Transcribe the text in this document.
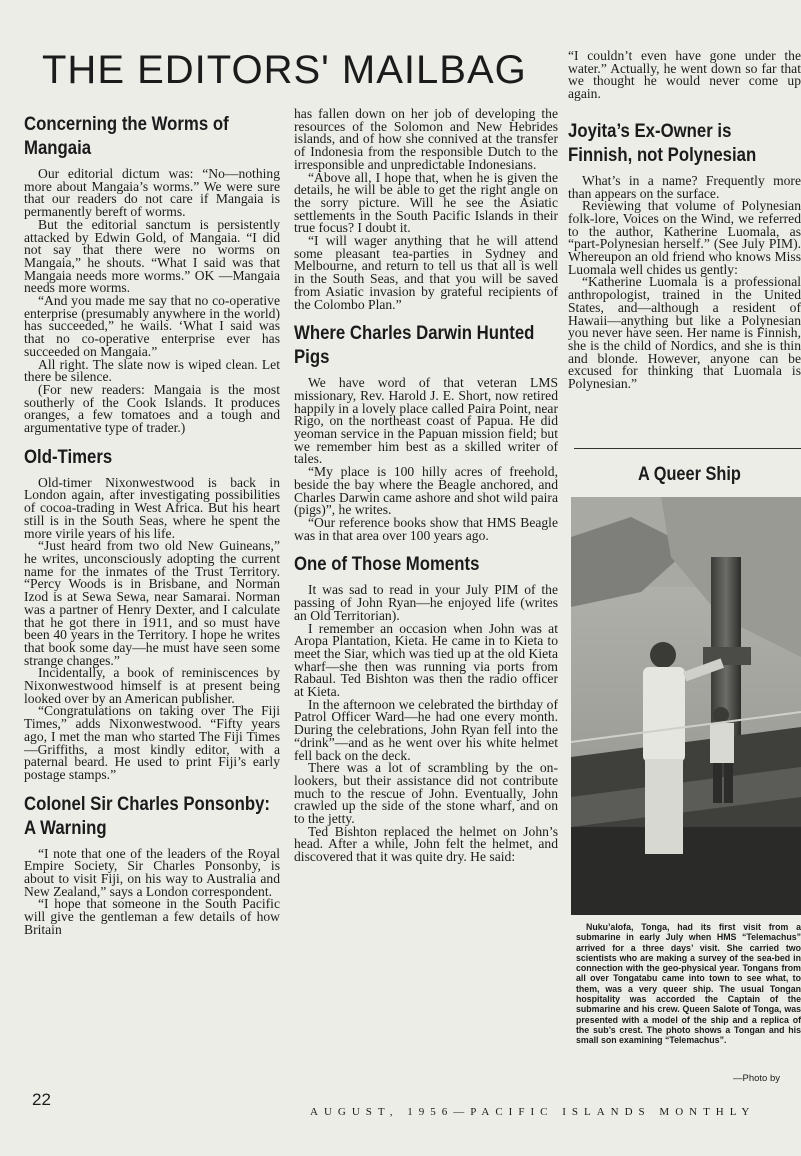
THE EDITORS' MAILBAG
Concerning the Worms of Mangaia

Our editorial dictum was: “No—nothing more about Mangaia’s worms.” We were sure that our readers do not care if Mangaia is permanently bereft of worms.

But the editorial sanctum is persistently attacked by Edwin Gold, of Mangaia. “I did not say that there were no worms on Mangaia,” he shouts. “What I said was that Mangaia needs more worms.” OK —Mangaia needs more worms.

“And you made me say that no co-operative enterprise (presumably anywhere in the world) has succeeded,” he wails. ‘What I said was that no co-operative enterprise ever has succeeded on Mangaia.”

All right. The slate now is wiped clean. Let there be silence.

(For new readers: Mangaia is the most southerly of the Cook Islands. It produces oranges, a few tomatoes and a tough and argumentative type of trader.)

Old-Timers

Old-timer Nixonwestwood is back in London again, after investigating possibilities of cocoa-trading in West Africa. But his heart still is in the South Seas, where he spent the more virile years of his life.

“Just heard from two old New Guineans,” he writes, unconsciously adopting the current name for the inmates of the Trust Territory. “Percy Woods is in Brisbane, and Norman Izod is at Sewa Sewa, near Samarai. Norman was a partner of Henry Dexter, and I calculate that he got there in 1911, and so must have been 40 years in the Territory. I hope he writes that book some day—he must have seen some strange changes.”

Incidentally, a book of reminiscences by Nixonwestwood himself is at present being looked over by an American publisher.

“Congratulations on taking over The Fiji Times,” adds Nixonwestwood. “Fifty years ago, I met the man who started The Fiji Times—Griffiths, a most kindly editor, with a paternal beard. He used to print Fiji’s early postage stamps.”

Colonel Sir Charles Ponsonby: A Warning

“I note that one of the leaders of the Royal Empire Society, Sir Charles Ponsonby, is about to visit Fiji, on his way to Australia and New Zealand,” says a London correspondent.

“I hope that someone in the South Pacific will give the gentleman a few details of how Britain

has fallen down on her job of developing the resources of the Solomon and New Hebrides islands, and of how she connived at the transfer of Indonesia from the responsible Dutch to the irresponsible and unpredictable Indonesians.

“Above all, I hope that, when he is given the details, he will be able to get the right angle on the sorry picture. Will he see the Asiatic settlements in the South Pacific Islands in their true focus? I doubt it.

“I will wager anything that he will attend some pleasant tea-parties in Sydney and Melbourne, and return to tell us that all is well in the South Seas, and that you will be saved from Asiatic invasion by grateful recipients of the Colombo Plan.”

Where Charles Darwin Hunted Pigs

We have word of that veteran LMS missionary, Rev. Harold J. E. Short, now retired happily in a lovely place called Paira Point, near Rigo, on the northeast coast of Papua. He did yeoman service in the Papuan mission field; but we remember him best as a skilled writer of tales.

“My place is 100 hilly acres of freehold, beside the bay where the Beagle anchored, and Charles Darwin came ashore and shot wild paira (pigs)”, he writes.

“Our reference books show that HMS Beagle was in that area over 100 years ago.

One of Those Moments

It was sad to read in your July PIM of the passing of John Ryan—he enjoyed life (writes an Old Territorian).

I remember an occasion when John was at Aropa Plantation, Kieta. He came in to Kieta to meet the Siar, which was tied up at the old Kieta wharf—she then was running via ports from Rabaul. Ted Bishton was then the radio officer at Kieta.

In the afternoon we celebrated the birthday of Patrol Officer Ward—he had one every month. During the celebrations, John Ryan fell into the “drink”—and as he went over his white helmet fell back on the deck.

There was a lot of scrambling by the on-lookers, but their assistance did not contribute much to the rescue of John. Eventually, John crawled up the side of the stone wharf, and on to the jetty.

Ted Bishton replaced the helmet on John’s head. After a while, John felt the helmet, and discovered that it was quite dry. He said:

“I couldn’t even have gone under the water.” Actually, he went down so far that we thought he would never come up again.

Joyita’s Ex-Owner is Finnish, not Polynesian

What’s in a name? Frequently more than appears on the surface.

Reviewing that volume of Polynesian folk-lore, Voices on the Wind, we referred to the author, Katherine Luomala, as “part-Polynesian herself.” (See July PIM). Whereupon an old friend who knows Miss Luomala well chides us gently:

“Katherine Luomala is a professional anthropologist, trained in the United States, and—although a resident of Hawaii—anything but like a Polynesian you never have seen. Her name is Finnish, she is the child of Nordics, and she is thin and blonde. However, anyone can be excused for thinking that Luomala is Polynesian.”

A Queer Ship
Nuku’alofa, Tonga, had its first visit from a submarine in early July when HMS “Telemachus” arrived for a three days’ visit. She carried two scientists who are making a survey of the sea-bed in connection with the geo-physical year. Tongans from all over Tongatabu came into town to see what, to them, was a very queer ship. The usual Tongan hospitality was accorded the Captain of the submarine and his crew. Queen Salote of Tonga, was presented with a model of the ship and a replica of the sub’s crest. The photo shows a Tongan and his small son examining “Telemachus”.
—Photo by
22
AUGUST, 1956—PACIFIC ISLANDS MONTHLY
